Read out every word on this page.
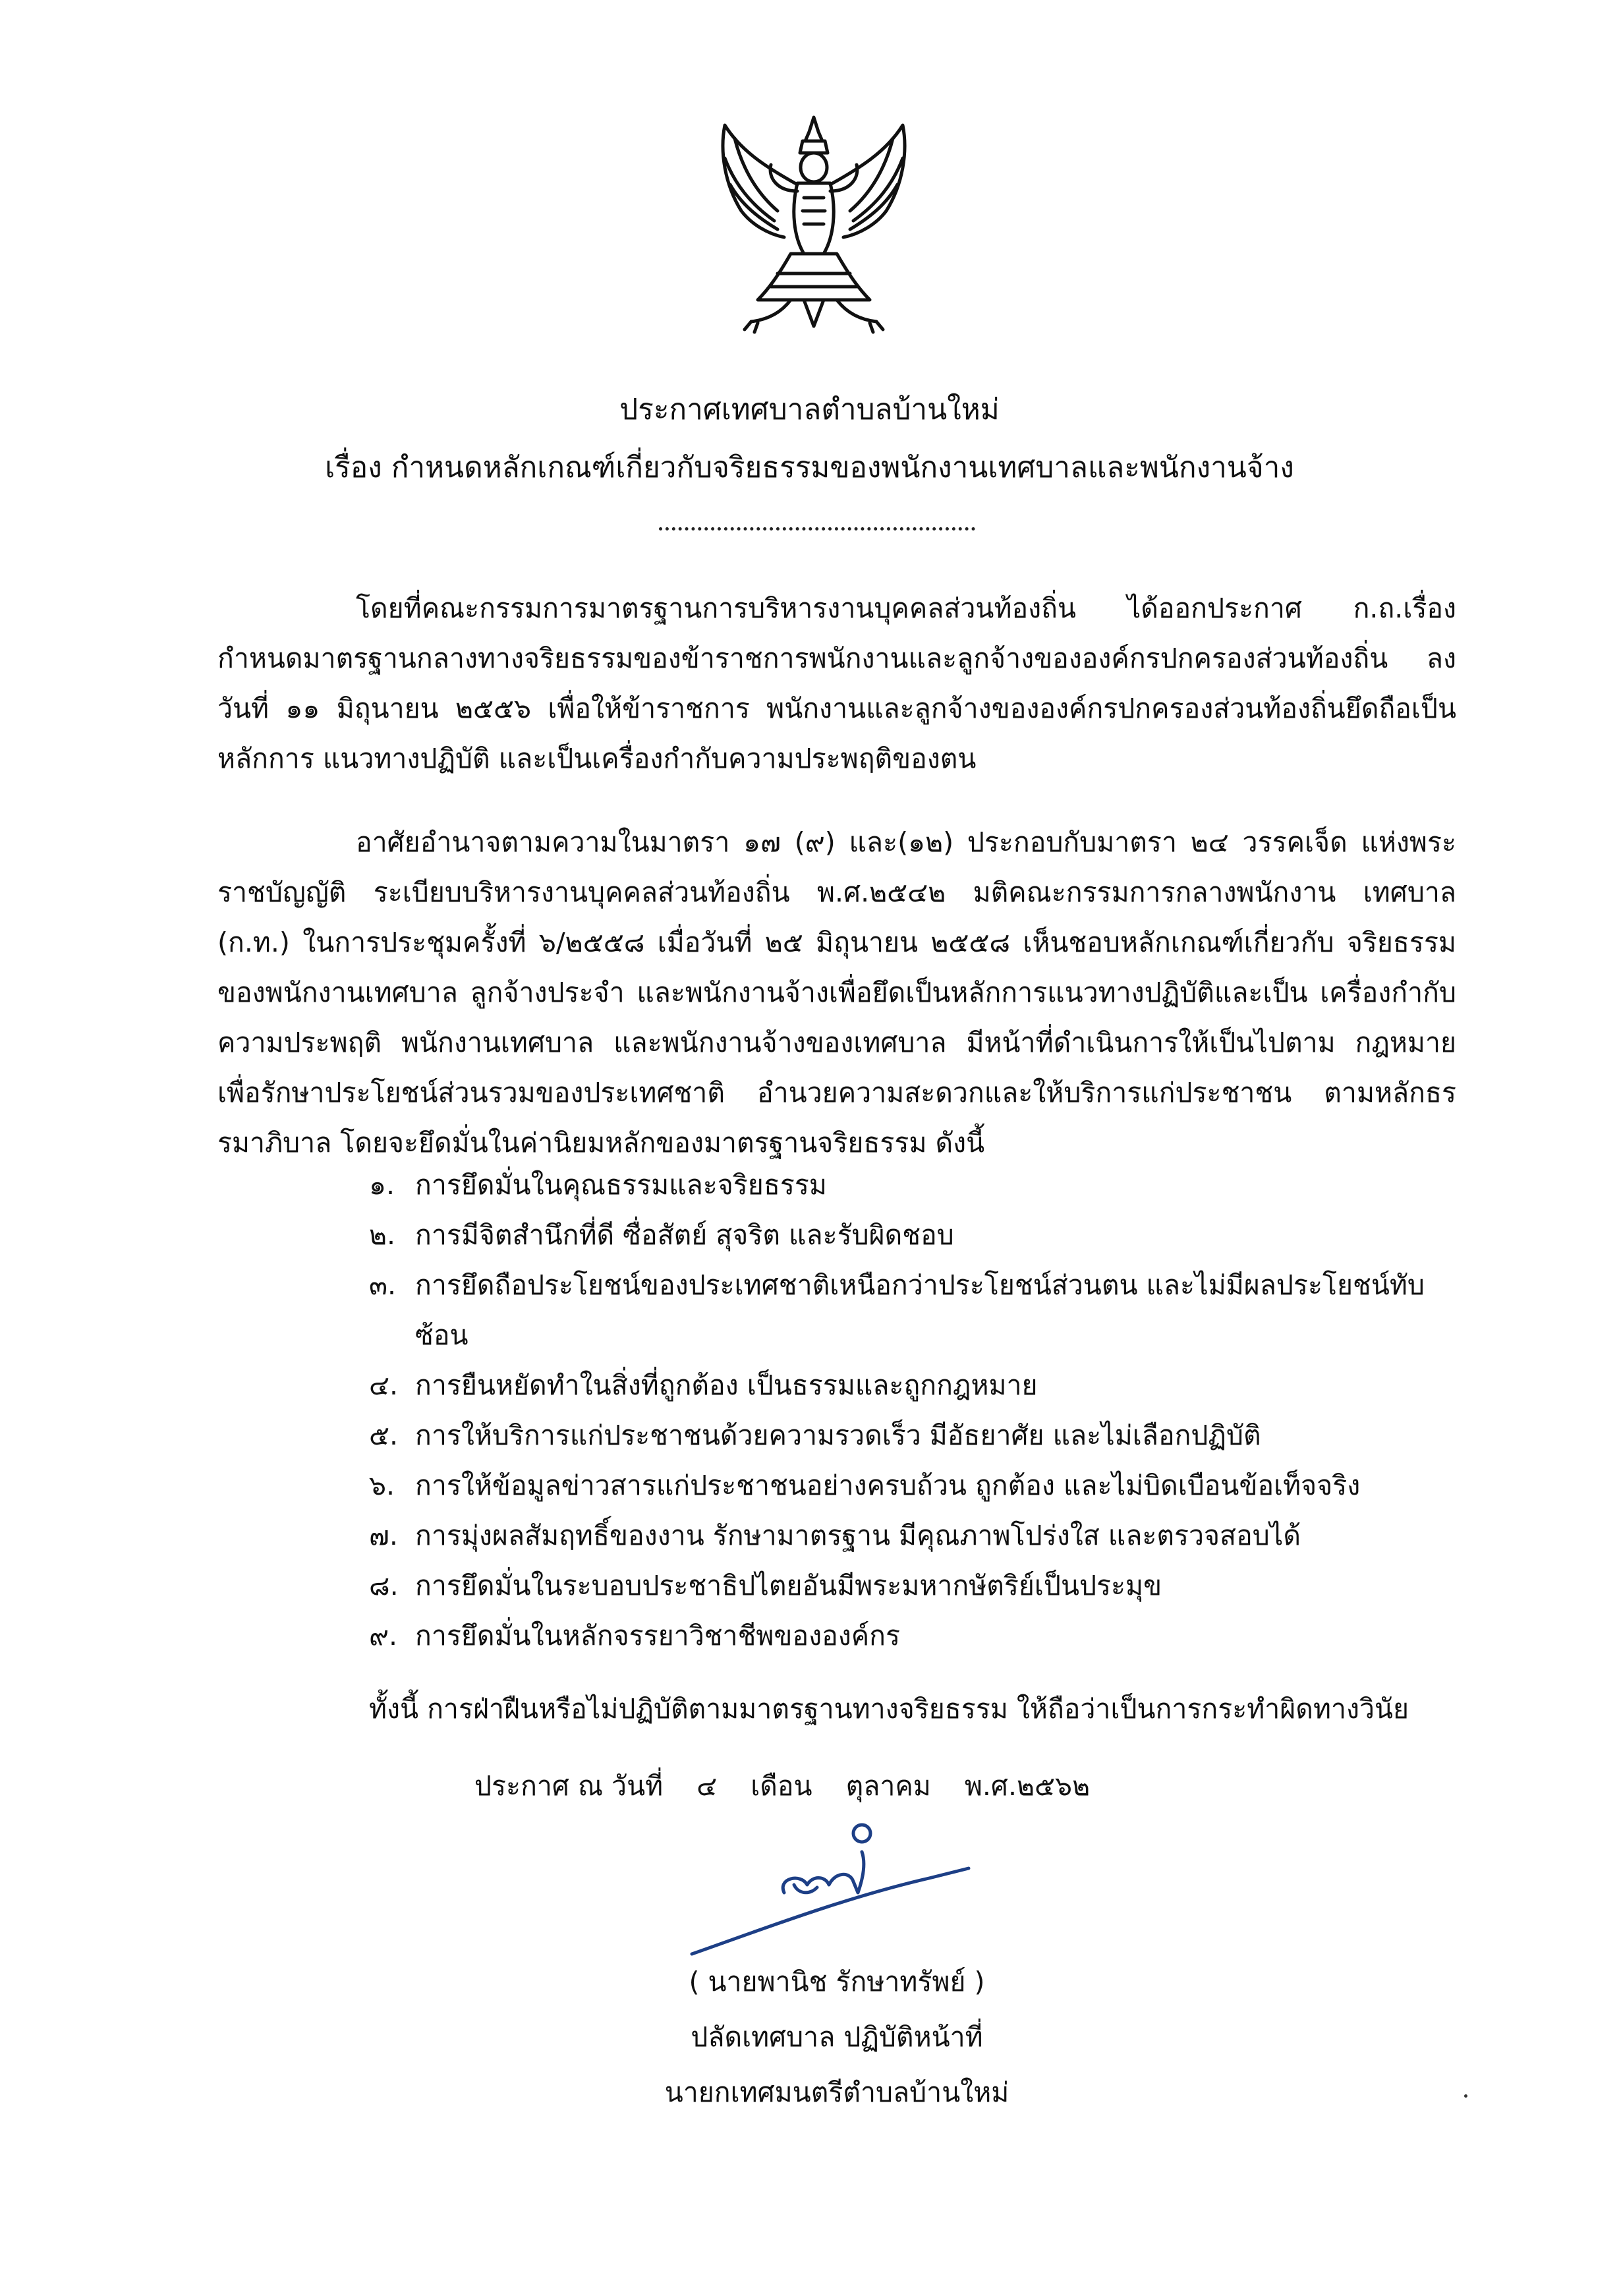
ประกาศเทศบาลตำบลบ้านใหม่
เรื่อง กำหนดหลักเกณฑ์เกี่ยวกับจริยธรรมของพนักงานเทศบาลและพนักงานจ้าง
โดยที่คณะกรรมการมาตรฐานการบริหารงานบุคคลส่วนท้องถิ่น ได้ออกประกาศ ก.ถ.เรื่อง กำหนดมาตรฐานกลางทางจริยธรรมของข้าราชการพนักงานและลูกจ้างขององค์กรปกครองส่วนท้องถิ่น ลงวันที่ ๑๑ มิถุนายน ๒๕๕๖ เพื่อให้ข้าราชการ พนักงานและลูกจ้างขององค์กรปกครองส่วนท้องถิ่นยึดถือเป็น หลักการ แนวทางปฏิบัติ และเป็นเครื่องกำกับความประพฤติของตน
อาศัยอำนาจตามความในมาตรา ๑๗ (๙) และ(๑๒) ประกอบกับมาตรา ๒๔ วรรคเจ็ด แห่งพระราชบัญญัติ ระเบียบบริหารงานบุคคลส่วนท้องถิ่น พ.ศ.๒๕๔๒ มติคณะกรรมการกลางพนักงาน เทศบาล (ก.ท.) ในการประชุมครั้งที่ ๖/๒๕๕๘ เมื่อวันที่ ๒๕ มิถุนายน ๒๕๕๘ เห็นชอบหลักเกณฑ์เกี่ยวกับ จริยธรรมของพนักงานเทศบาล ลูกจ้างประจำ และพนักงานจ้างเพื่อยึดเป็นหลักการแนวทางปฏิบัติและเป็น เครื่องกำกับความประพฤติ พนักงานเทศบาล และพนักงานจ้างของเทศบาล มีหน้าที่ดำเนินการให้เป็นไปตาม กฎหมาย เพื่อรักษาประโยชน์ส่วนรวมของประเทศชาติ อำนวยความสะดวกและให้บริการแก่ประชาชน ตามหลักธรรมาภิบาล โดยจะยึดมั่นในค่านิยมหลักของมาตรฐานจริยธรรม ดังนี้
๑. การยึดมั่นในคุณธรรมและจริยธรรม
๒. การมีจิตสำนึกที่ดี ซื่อสัตย์ สุจริต และรับผิดชอบ
๓. การยึดถือประโยชน์ของประเทศชาติเหนือกว่าประโยชน์ส่วนตน และไม่มีผลประโยชน์ทับซ้อน
๔. การยืนหยัดทำในสิ่งที่ถูกต้อง เป็นธรรมและถูกกฎหมาย
๕. การให้บริการแก่ประชาชนด้วยความรวดเร็ว มีอัธยาศัย และไม่เลือกปฏิบัติ
๖. การให้ข้อมูลข่าวสารแก่ประชาชนอย่างครบถ้วน ถูกต้อง และไม่บิดเบือนข้อเท็จจริง
๗. การมุ่งผลสัมฤทธิ์ของงาน รักษามาตรฐาน มีคุณภาพโปร่งใส และตรวจสอบได้
๘. การยึดมั่นในระบอบประชาธิปไตยอันมีพระมหากษัตริย์เป็นประมุข
๙. การยึดมั่นในหลักจรรยาวิชาชีพขององค์กร
ทั้งนี้ การฝ่าฝืนหรือไม่ปฏิบัติตามมาตรฐานทางจริยธรรม ให้ถือว่าเป็นการกระทำผิดทางวินัย
ประกาศ ณ วันที่ ๔ เดือน ตุลาคม พ.ศ.๒๕๖๒
( นายพานิช รักษาทรัพย์ )
ปลัดเทศบาล ปฏิบัติหน้าที่
นายกเทศมนตรีตำบลบ้านใหม่
